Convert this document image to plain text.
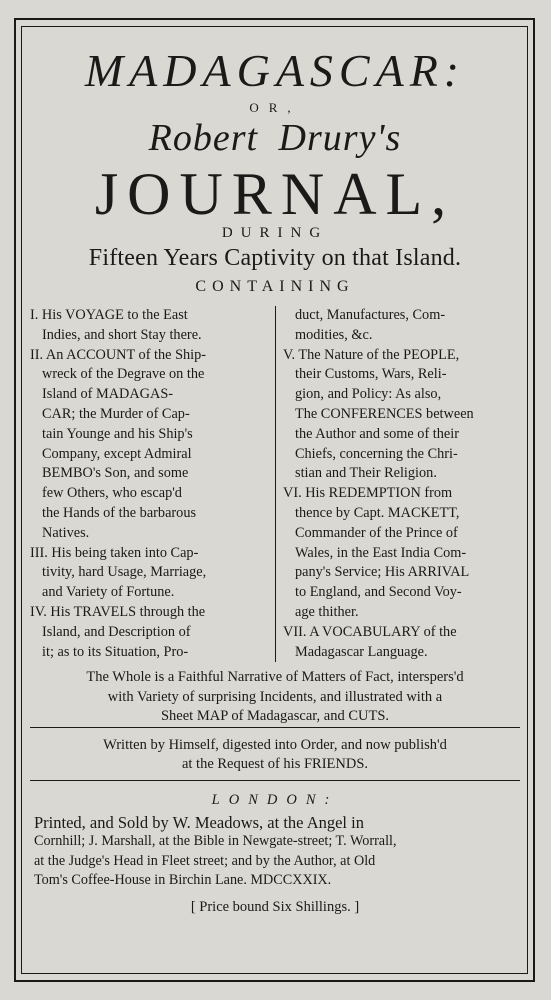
MADAGASCAR:
OR,
Robert Drury's
JOURNAL,
DURING
Fifteen Years Captivity on that Island.
CONTAINING
I. His VOYAGE to the East
Indies, and short Stay there.
II. An ACCOUNT of the Ship-
wreck of the Degrave on the
Island of MADAGAS-
CAR; the Murder of Cap-
tain Younge and his Ship's
Company, except Admiral
BEMBO's Son, and some
few Others, who escap'd
the Hands of the barbarous
Natives.
III. His being taken into Cap-
tivity, hard Usage, Marriage,
and Variety of Fortune.
IV. His TRAVELS through the
Island, and Description of
it; as to its Situation, Pro-
duct, Manufactures, Com-
modities, &c.
V. The Nature of the PEOPLE,
their Customs, Wars, Reli-
gion, and Policy: As also,
The CONFERENCES between
the Author and some of their
Chiefs, concerning the Chri-
stian and Their Religion.
VI. His REDEMPTION from
thence by Capt. MACKETT,
Commander of the Prince of
Wales, in the East India Com-
pany's Service; His ARRIVAL
to England, and Second Voy-
age thither.
VII. A VOCABULARY of the
Madagascar Language.
The Whole is a Faithful Narrative of Matters of Fact, interspers'd
with Variety of surprising Incidents, and illustrated with a
Sheet MAP of Madagascar, and CUTS.
Written by Himself, digested into Order, and now publish'd
at the Request of his FRIENDS.
LONDON:
Printed, and Sold by W. Meadows, at the Angel in
Cornhill; J. Marshall, at the Bible in Newgate-street; T. Worrall,
at the Judge's Head in Fleet street; and by the Author, at Old
Tom's Coffee-House in Birchin Lane. MDCCXXIX.
[ Price bound Six Shillings. ]
